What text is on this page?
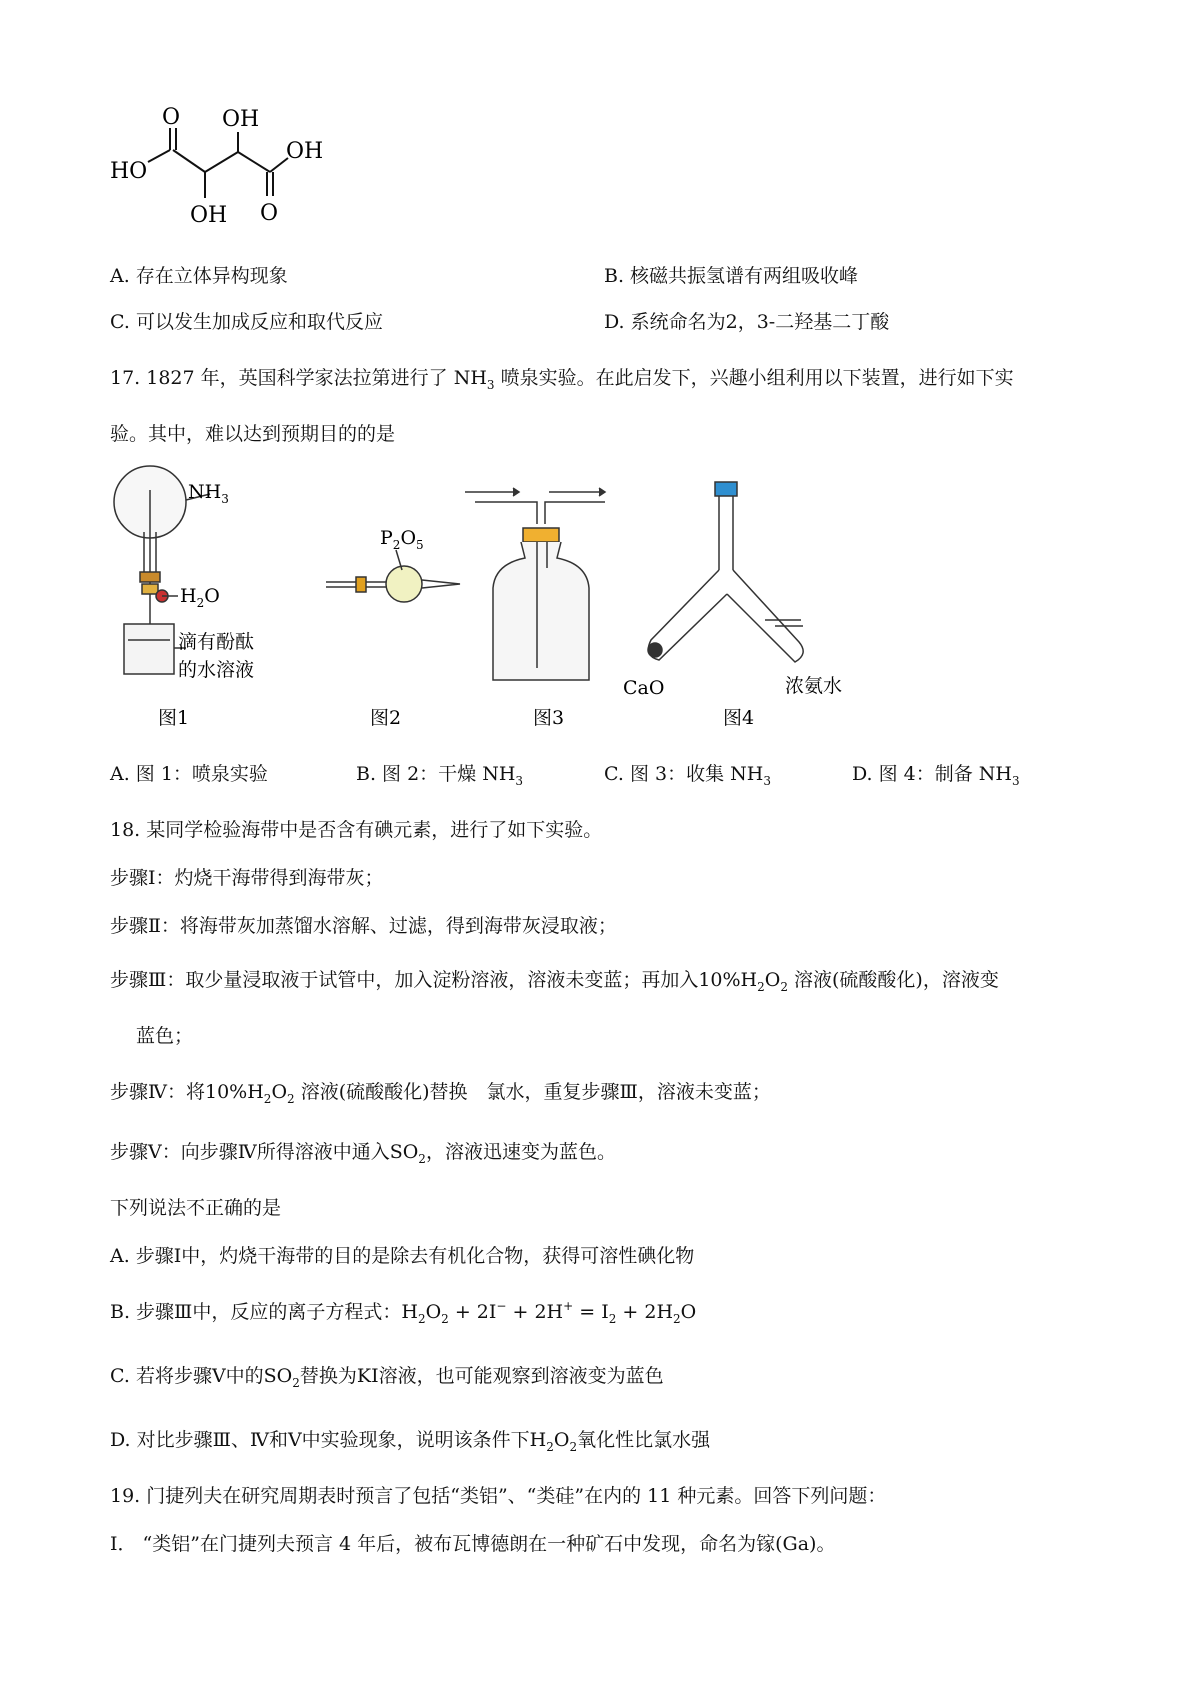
O OH
HO
OH
OH O
A. 存在立体异构现象	B. 核磁共振氢谱有两组吸收峰
C. 可以发生加成反应和取代反应	D. 系统命名为2，3-二羟基二丁酸
17. 1827 年，英国科学家法拉第进行了 $NH_3$ 喷泉实验。在此启发下，兴趣小组利用以下装置，进行如下实
验。其中，难以达到预期目的的是
$NH_3$
$H_2O$
滴有酚酞
的水溶液
图1
$P_2O_5$
图2	图3
CaO	浓氨水
图4
A. 图 1：喷泉实验	B. 图 2：干燥 $NH_3$	C. 图 3：收集 $NH_3$	D. 图 4：制备 $NH_3$
18. 某同学检验海带中是否含有碘元素，进行了如下实验。
步骤Ⅰ：灼烧干海带得到海带灰；
步骤Ⅱ：将海带灰加蒸馏水溶解、过滤，得到海带灰浸取液；
步骤Ⅲ：取少量浸取液于试管中，加入淀粉溶液，溶液未变蓝；再加入$10\%H_2O_2$ 溶液(硫酸酸化)，溶液变
蓝色；
步骤Ⅳ：将$10\%H_2O_2$ 溶液(硫酸酸化)替换　氯水，重复步骤Ⅲ，溶液未变蓝；
步骤Ⅴ：向步骤Ⅳ所得溶液中通入$SO_2$，溶液迅速变为蓝色。
下列说法不正确的是
A. 步骤Ⅰ中，灼烧干海带的目的是除去有机化合物，获得可溶性碘化物
B. 步骤Ⅲ中，反应的离子方程式：$H_2O_2 + 2I^- + 2H^+ = I_2 + 2H_2O$
C. 若将步骤Ⅴ中的$SO_2$替换为KI溶液，也可能观察到溶液变为蓝色
D. 对比步骤Ⅲ、Ⅳ和Ⅴ中实验现象，说明该条件下$H_2O_2$氧化性比氯水强
19. 门捷列夫在研究周期表时预言了包括“类铝”、“类硅”在内的 11 种元素。回答下列问题：
Ⅰ． “类铝”在门捷列夫预言 4 年后，被布瓦博德朗在一种矿石中发现，命名为镓(Ga)。
